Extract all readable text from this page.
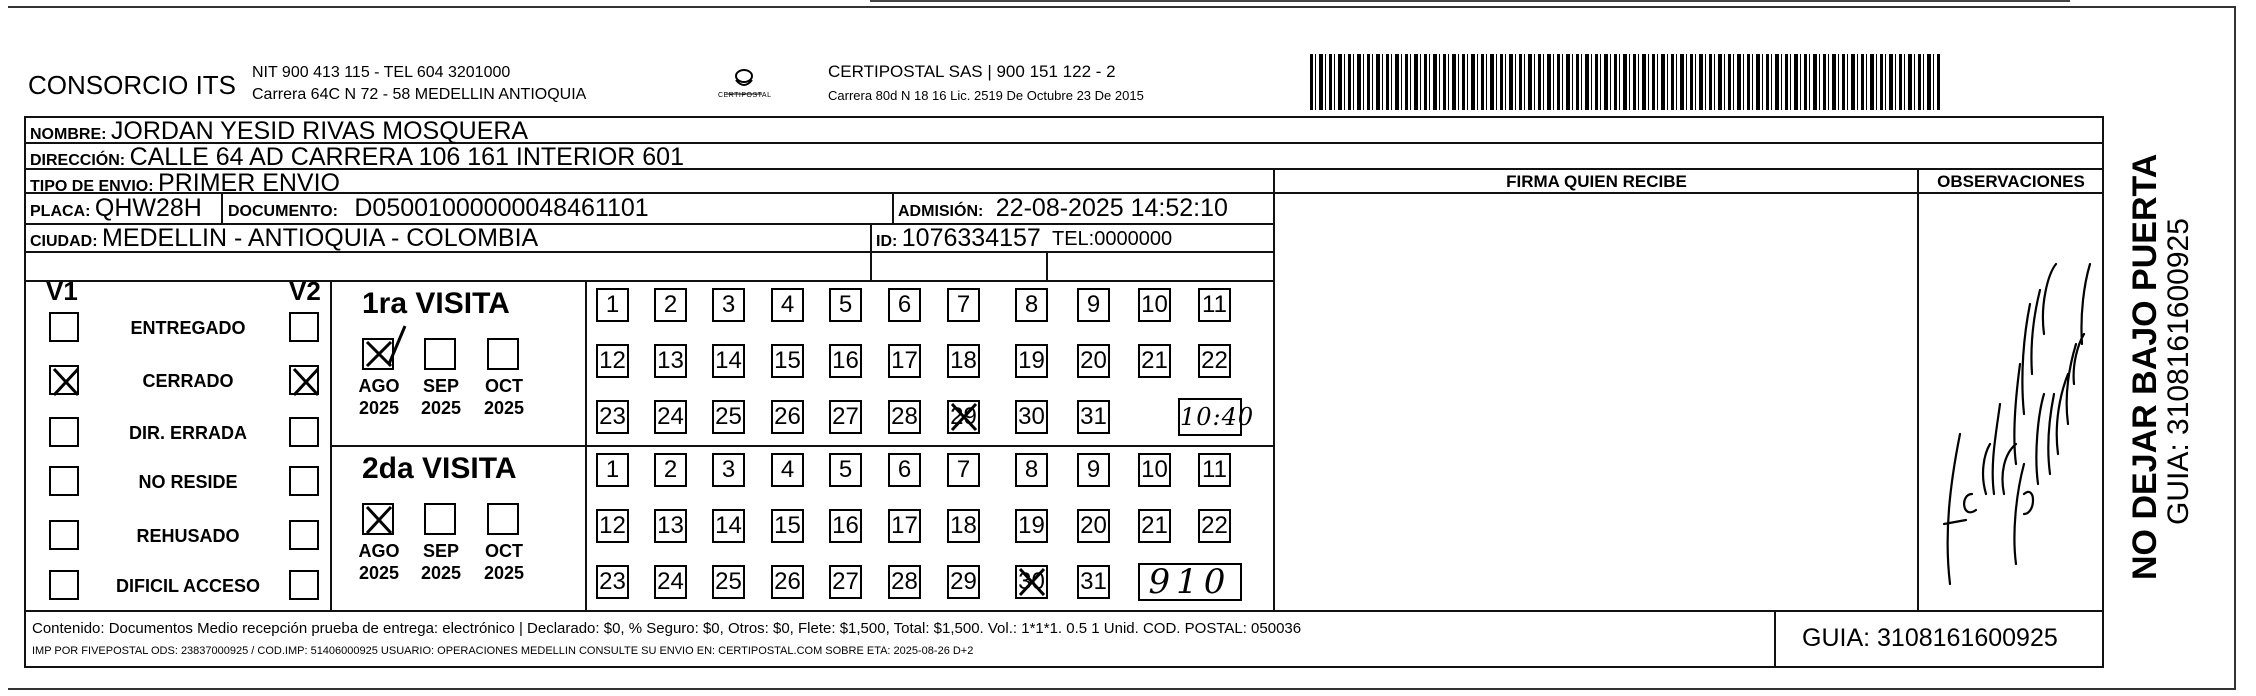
CONSORCIO ITS NIT 900 413 115 - TEL 604 3201000
Carrera 64C N 72 - 58 MEDELLIN ANTIOQUIA	CERTIPOSTAL
CERTIPOSTAL SAS | 900 151 122 - 2
Carrera 80d N 18 16 Lic. 2519 De Octubre 23 De 2015
NOMBRE: JORDAN YESID RIVAS MOSQUERA
DIRECCIÓN: CALLE 64 AD CARRERA 106 161 INTERIOR 601
TIPO DE ENVIO: PRIMER ENVIO
PLACA: QHW28H DOCUMENTO: D05001000000048461101	ADMISIÓN: 22-08-2025 14:52:10
CIUDAD: MEDELLIN - ANTIOQUIA - COLOMBIA	ID: 1076334157 TEL:0000000
FIRMA QUIEN RECIBE	OBSERVACIONES
V1	V2
ENTREGADO
CERRADO
DIR. ERRADA
NO RESIDE
REHUSADO
DIFICIL ACCESO
1ra VISITA
AGO
2025
SEP
2025
OCT
2025
1	2	3	4	5	6	7	8	9	10 11
12 13 14 15 16 17 18 19 20 21 22
23 24 25 26 27 28 29 30 31	10:40
2da VISITA
AGO
2025
SEP
2025
OCT
2025
1	2	3	4	5	6	7	8	9	10 11
12 13 14 15 16 17 18 19 20 21 22
23 24 25 26 27 28 29 30 31	910
Contenido: Documentos Medio recepción prueba de entrega: electrónico | Declarado: $0, % Seguro: $0, Otros: $0, Flete: $1,500, Total: $1,500. Vol.: 1*1*1. 0.5 1 Unid. COD. POSTAL: 050036
IMP POR FIVEPOSTAL ODS: 23837000925 / COD.IMP: 51406000925 USUARIO: OPERACIONES MEDELLIN CONSULTE SU ENVIO EN: CERTIPOSTAL.COM SOBRE ETA: 2025-08-26 D+2	GUIA: 3108161600925
NO DEJAR BAJO PUERTA
GUIA: 3108161600925
